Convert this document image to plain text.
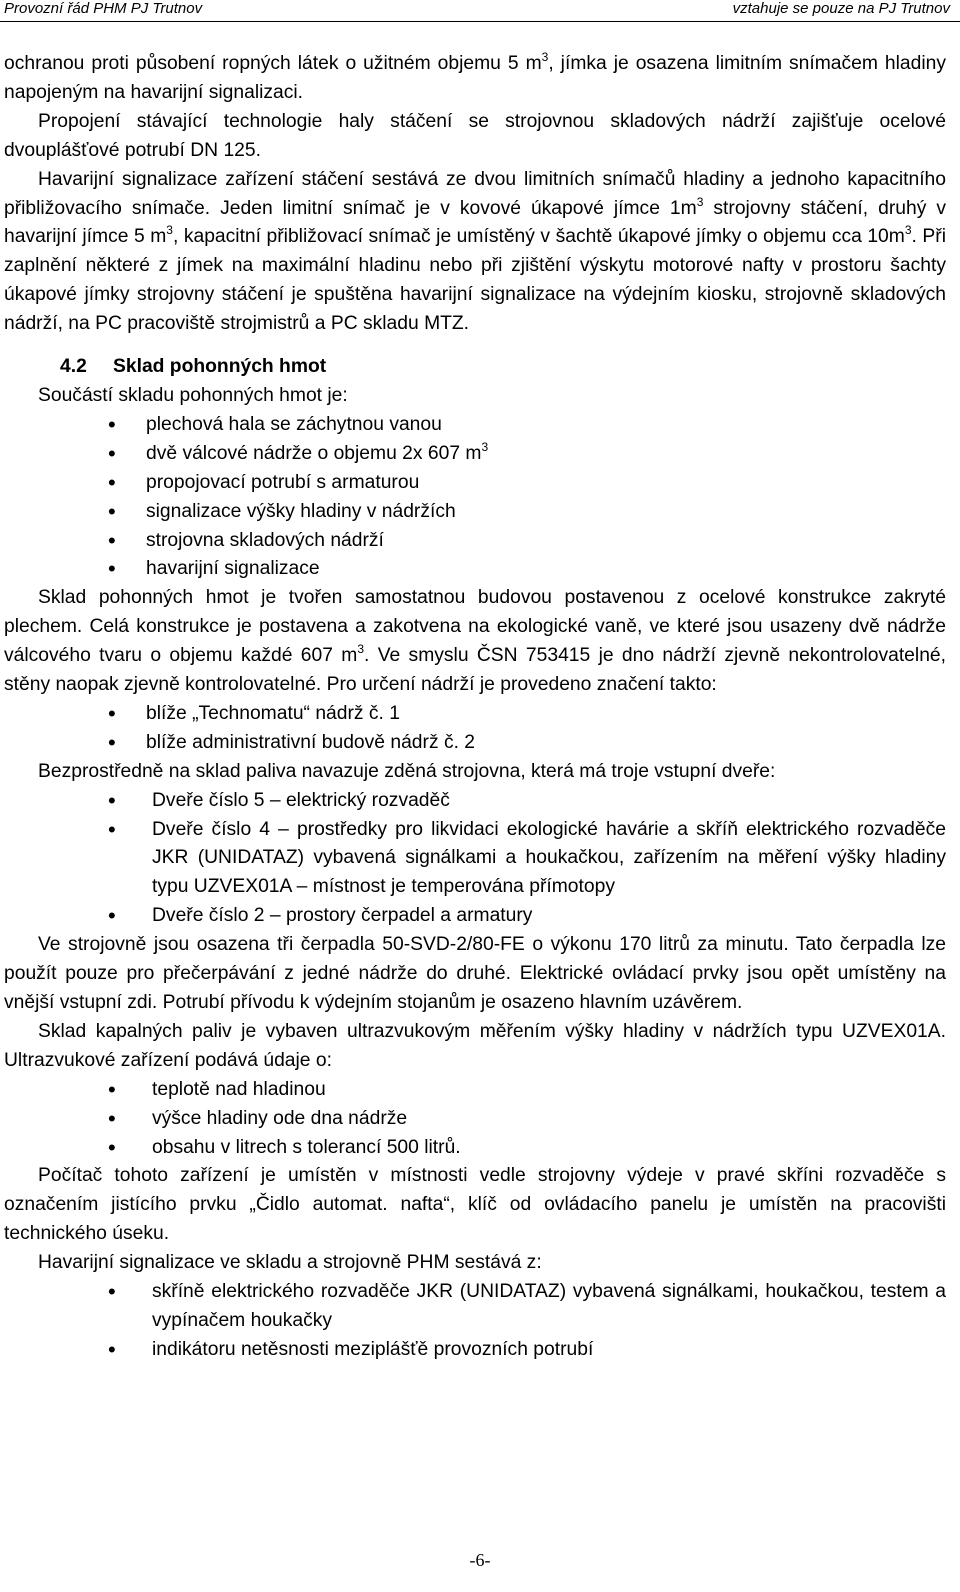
Provozní řád PHM PJ Trutnov	vztahuje se pouze na PJ Trutnov

ochranou proti působení ropných látek o užitném objemu 5 $m^3$, jímka je osazena limitním snímačem hladiny napojeným na havarijní signalizaci.

Propojení stávající technologie haly stáčení se strojovnou skladových nádrží zajišťuje ocelové dvouplášťové potrubí DN 125.

Havarijní signalizace zařízení stáčení sestává ze dvou limitních snímačů hladiny a jednoho kapacitního přibližovacího snímače. Jeden limitní snímač je v kovové úkapové jímce $1m^3$ strojovny stáčení, druhý v havarijní jímce 5 $m^3$, kapacitní přibližovací snímač je umístěný v šachtě úkapové jímky o objemu cca $10m^3$. Při zaplnění některé z jímek na maximální hladinu nebo při zjištění výskytu motorové nafty v prostoru šachty úkapové jímky strojovny stáčení je spuštěna havarijní signalizace na výdejním kiosku, strojovně skladových nádrží, na PC pracoviště strojmistrů a PC skladu MTZ.

4.2 Sklad pohonných hmot

Součástí skladu pohonných hmot je:

• plechová hala se záchytnou vanou
• dvě válcové nádrže o objemu 2x 607 $m^3$
• propojovací potrubí s armaturou
• signalizace výšky hladiny v nádržích
• strojovna skladových nádrží
• havarijní signalizace

Sklad pohonných hmot je tvořen samostatnou budovou postavenou z ocelové konstrukce zakryté plechem. Celá konstrukce je postavena a zakotvena na ekologické vaně, ve které jsou usazeny dvě nádrže válcového tvaru o objemu každé 607 $m^3$. Ve smyslu ČSN 753415 je dno nádrží zjevně nekontrolovatelné, stěny naopak zjevně kontrolovatelné. Pro určení nádrží je provedeno značení takto:

• blíže „Technomatu“ nádrž č. 1
• blíže administrativní budově nádrž č. 2

Bezprostředně na sklad paliva navazuje zděná strojovna, která má troje vstupní dveře:

• Dveře číslo 5 – elektrický rozvaděč
• Dveře číslo 4 – prostředky pro likvidaci ekologické havárie a skříň elektrického rozvaděče JKR (UNIDATAZ) vybavená signálkami a houkačkou, zařízením na měření výšky hladiny typu UZVEX01A – místnost je temperována přímotopy
• Dveře číslo 2 – prostory čerpadel a armatury

Ve strojovně jsou osazena tři čerpadla 50-SVD-2/80-FE o výkonu 170 litrů za minutu. Tato čerpadla lze použít pouze pro přečerpávání z jedné nádrže do druhé. Elektrické ovládací prvky jsou opět umístěny na vnější vstupní zdi. Potrubí přívodu k výdejním stojanům je osazeno hlavním uzávěrem.

Sklad kapalných paliv je vybaven ultrazvukovým měřením výšky hladiny v nádržích typu UZVEX01A. Ultrazvukové zařízení podává údaje o:

• teplotě nad hladinou
• výšce hladiny ode dna nádrže
• obsahu v litrech s tolerancí 500 litrů.

Počítač tohoto zařízení je umístěn v místnosti vedle strojovny výdeje v pravé skříni rozvaděče s označením jistícího prvku „Čidlo automat. nafta“, klíč od ovládacího panelu je umístěn na pracovišti technického úseku.

Havarijní signalizace ve skladu a strojovně PHM sestává z:

• skříně elektrického rozvaděče JKR (UNIDATAZ) vybavená signálkami, houkačkou, testem a vypínačem houkačky
• indikátoru netěsnosti meziplášťě provozních potrubí
-6-
